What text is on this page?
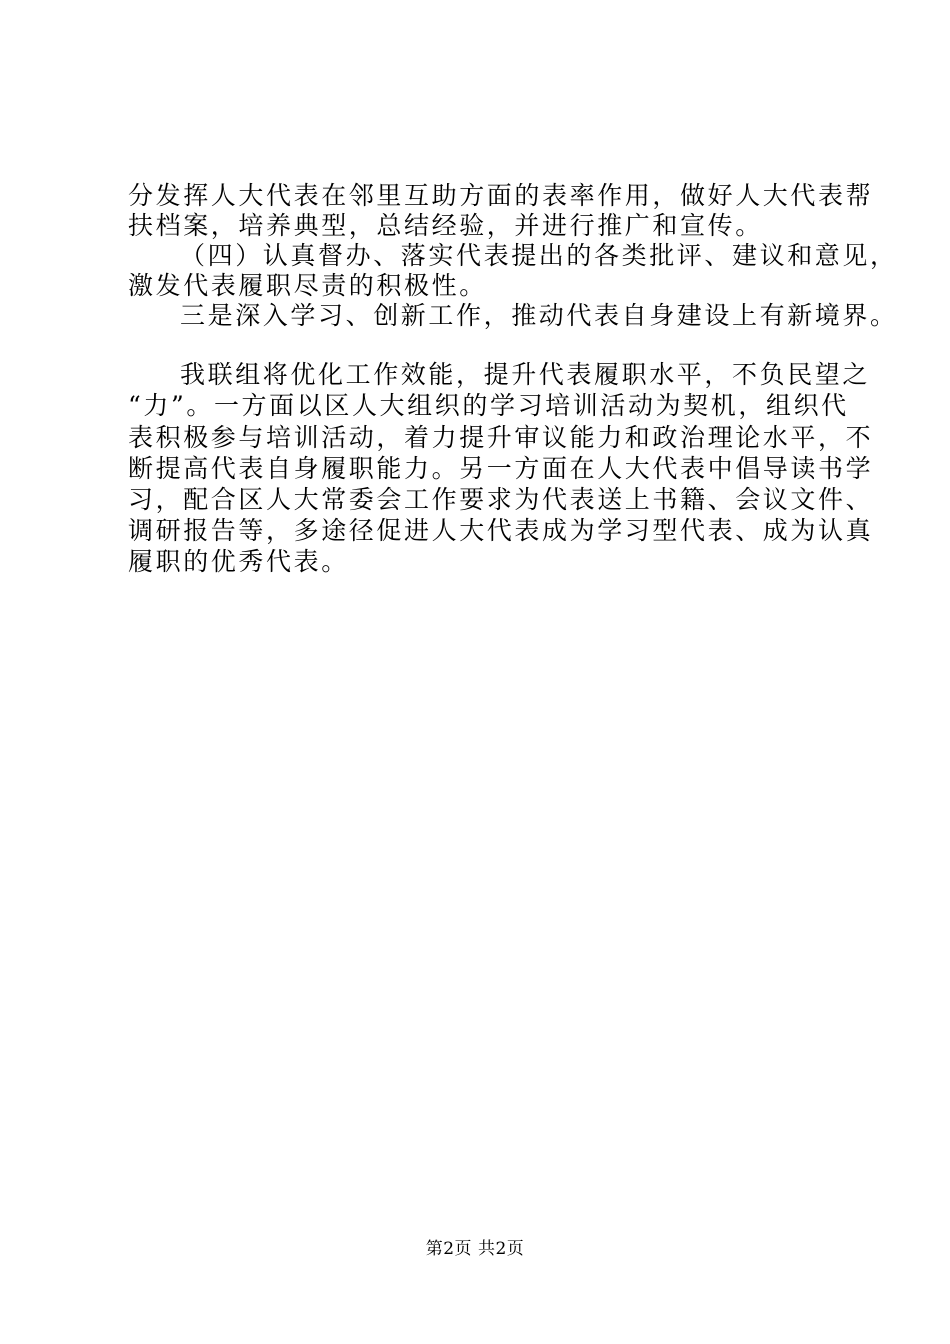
分发挥人大代表在邻里互助方面的表率作用，做好人大代表帮
扶档案，培养典型，总结经验，并进行推广和宣传。
（四）认真督办、落实代表提出的各类批评、建议和意见，
激发代表履职尽责的积极性。
三是深入学习、创新工作，推动代表自身建设上有新境界。
我联组将优化工作效能，提升代表履职水平，不负民望之
“力”。一方面以区人大组织的学习培训活动为契机，组织代
表积极参与培训活动，着力提升审议能力和政治理论水平，不
断提高代表自身履职能力。另一方面在人大代表中倡导读书学
习，配合区人大常委会工作要求为代表送上书籍、会议文件、
调研报告等，多途径促进人大代表成为学习型代表、成为认真
履职的优秀代表。
第2页 共2页
